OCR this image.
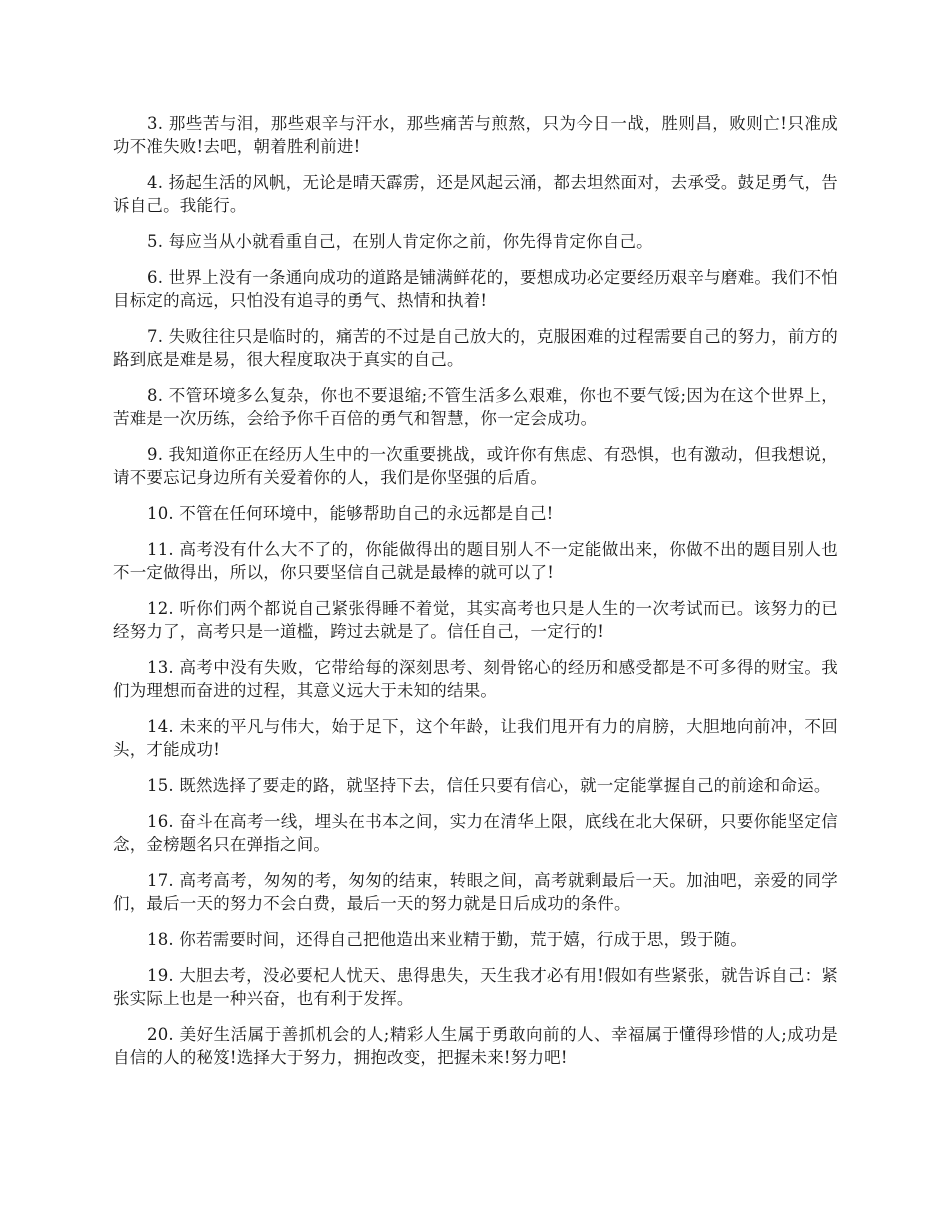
3. 那些苦与泪，那些艰辛与汗水，那些痛苦与煎熬，只为今日一战，胜则昌，败则亡!只准成功不准失败!去吧，朝着胜利前进!

4. 扬起生活的风帆，无论是晴天霹雳，还是风起云涌，都去坦然面对，去承受。鼓足勇气，告诉自己。我能行。

5. 每应当从小就看重自己，在别人肯定你之前，你先得肯定你自己。

6. 世界上没有一条通向成功的道路是铺满鲜花的，要想成功必定要经历艰辛与磨难。我们不怕目标定的高远，只怕没有追寻的勇气、热情和执着!

7. 失败往往只是临时的，痛苦的不过是自己放大的，克服困难的过程需要自己的努力，前方的路到底是难是易，很大程度取决于真实的自己。

8. 不管环境多么复杂，你也不要退缩;不管生活多么艰难，你也不要气馁;因为在这个世界上，苦难是一次历练，会给予你千百倍的勇气和智慧，你一定会成功。

9. 我知道你正在经历人生中的一次重要挑战，或许你有焦虑、有恐惧，也有激动，但我想说，请不要忘记身边所有关爱着你的人，我们是你坚强的后盾。

10. 不管在任何环境中，能够帮助自己的永远都是自己!

11. 高考没有什么大不了的，你能做得出的题目别人不一定能做出来，你做不出的题目别人也不一定做得出，所以，你只要坚信自己就是最棒的就可以了!

12. 听你们两个都说自己紧张得睡不着觉，其实高考也只是人生的一次考试而已。该努力的已经努力了，高考只是一道槛，跨过去就是了。信任自己，一定行的!

13. 高考中没有失败，它带给每的深刻思考、刻骨铭心的经历和感受都是不可多得的财宝。我们为理想而奋进的过程，其意义远大于未知的结果。

14. 未来的平凡与伟大，始于足下，这个年龄，让我们甩开有力的肩膀，大胆地向前冲，不回头，才能成功!

15. 既然选择了要走的路，就坚持下去，信任只要有信心，就一定能掌握自己的前途和命运。

16. 奋斗在高考一线，埋头在书本之间，实力在清华上限，底线在北大保研，只要你能坚定信念，金榜题名只在弹指之间。

17. 高考高考，匆匆的考，匆匆的结束，转眼之间，高考就剩最后一天。加油吧，亲爱的同学们，最后一天的努力不会白费，最后一天的努力就是日后成功的条件。

18. 你若需要时间，还得自己把他造出来业精于勤，荒于嬉，行成于思，毁于随。

19. 大胆去考，没必要杞人忧天、患得患失，天生我才必有用!假如有些紧张，就告诉自己：紧张实际上也是一种兴奋，也有利于发挥。

20. 美好生活属于善抓机会的人;精彩人生属于勇敢向前的人、幸福属于懂得珍惜的人;成功是自信的人的秘笈!选择大于努力，拥抱改变，把握未来!努力吧!
